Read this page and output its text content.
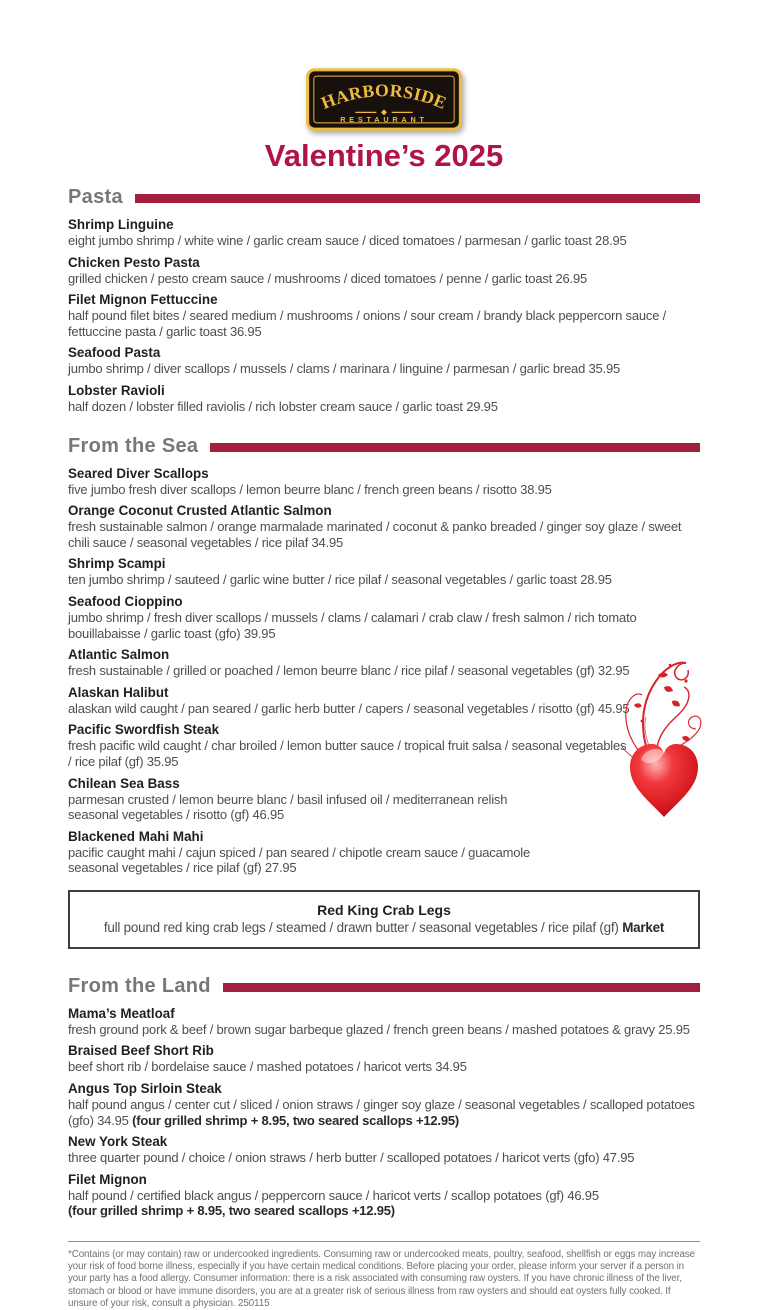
HARBORSIDE
RESTAURANT
Valentine’s 2025
Pasta
Shrimp Linguine
eight jumbo shrimp / white wine / garlic cream sauce / diced tomatoes / parmesan / garlic toast 28.95
Chicken Pesto Pasta
grilled chicken / pesto cream sauce / mushrooms / diced tomatoes / penne / garlic toast 26.95
Filet Mignon Fettuccine
half pound filet bites / seared medium / mushrooms / onions / sour cream / brandy black peppercorn sauce / fettuccine pasta / garlic toast 36.95
Seafood Pasta
jumbo shrimp / diver scallops / mussels / clams / marinara / linguine / parmesan / garlic bread 35.95
Lobster Ravioli
half dozen / lobster filled raviolis / rich lobster cream sauce / garlic toast 29.95
From the Sea
Seared Diver Scallops
five jumbo fresh diver scallops / lemon beurre blanc / french green beans / risotto 38.95
Orange Coconut Crusted Atlantic Salmon
fresh sustainable salmon / orange marmalade marinated / coconut & panko breaded / ginger soy glaze / sweet chili sauce / seasonal vegetables / rice pilaf 34.95
Shrimp Scampi
ten jumbo shrimp / sauteed / garlic wine butter / rice pilaf / seasonal vegetables / garlic toast 28.95
Seafood Cioppino
jumbo shrimp / fresh diver scallops / mussels / clams / calamari / crab claw / fresh salmon / rich tomato bouillabaisse / garlic toast (gfo) 39.95
Atlantic Salmon
fresh sustainable / grilled or poached / lemon beurre blanc / rice pilaf / seasonal vegetables (gf) 32.95
Alaskan Halibut
alaskan wild caught / pan seared / garlic herb butter / capers / seasonal vegetables / risotto (gf) 45.95
Pacific Swordfish Steak
fresh pacific wild caught / char broiled / lemon butter sauce / tropical fruit salsa / seasonal vegetables / rice pilaf (gf) 35.95
Chilean Sea Bass
parmesan crusted / lemon beurre blanc / basil infused oil / mediterranean relish
seasonal vegetables / risotto (gf) 46.95
Blackened Mahi Mahi
pacific caught mahi / cajun spiced / pan seared / chipotle cream sauce / guacamole
seasonal vegetables / rice pilaf (gf) 27.95
Red King Crab Legs
full pound red king crab legs / steamed / drawn butter / seasonal vegetables / rice pilaf (gf) Market
From the Land
Mama’s Meatloaf
fresh ground pork & beef / brown sugar barbeque glazed / french green beans / mashed potatoes & gravy 25.95
Braised Beef Short Rib
beef short rib / bordelaise sauce / mashed potatoes / haricot verts 34.95
Angus Top Sirloin Steak
half pound angus / center cut / sliced / onion straws / ginger soy glaze / seasonal vegetables / scalloped potatoes (gfo) 34.95 (four grilled shrimp + 8.95, two seared scallops +12.95)
New York Steak
three quarter pound / choice / onion straws / herb butter / scalloped potatoes / haricot verts (gfo) 47.95
Filet Mignon
half pound / certified black angus / peppercorn sauce / haricot verts / scallop potatoes (gf) 46.95
(four grilled shrimp + 8.95, two seared scallops +12.95)
*Contains (or may contain) raw or undercooked ingredients. Consuming raw or undercooked meats, poultry, seafood, shellfish or eggs may increase your risk of food borne illness, especially if you have certain medical conditions. Before placing your order, please inform your server if a person in your party has a food allergy. Consumer information: there is a risk associated with consuming raw oysters. If you have chronic illness of the liver, stomach or blood or have immune disorders, you are at a greater risk of serious illness from raw oysters and should eat oysters fully cooked. If unsure of your risk, consult a physician. 250115
